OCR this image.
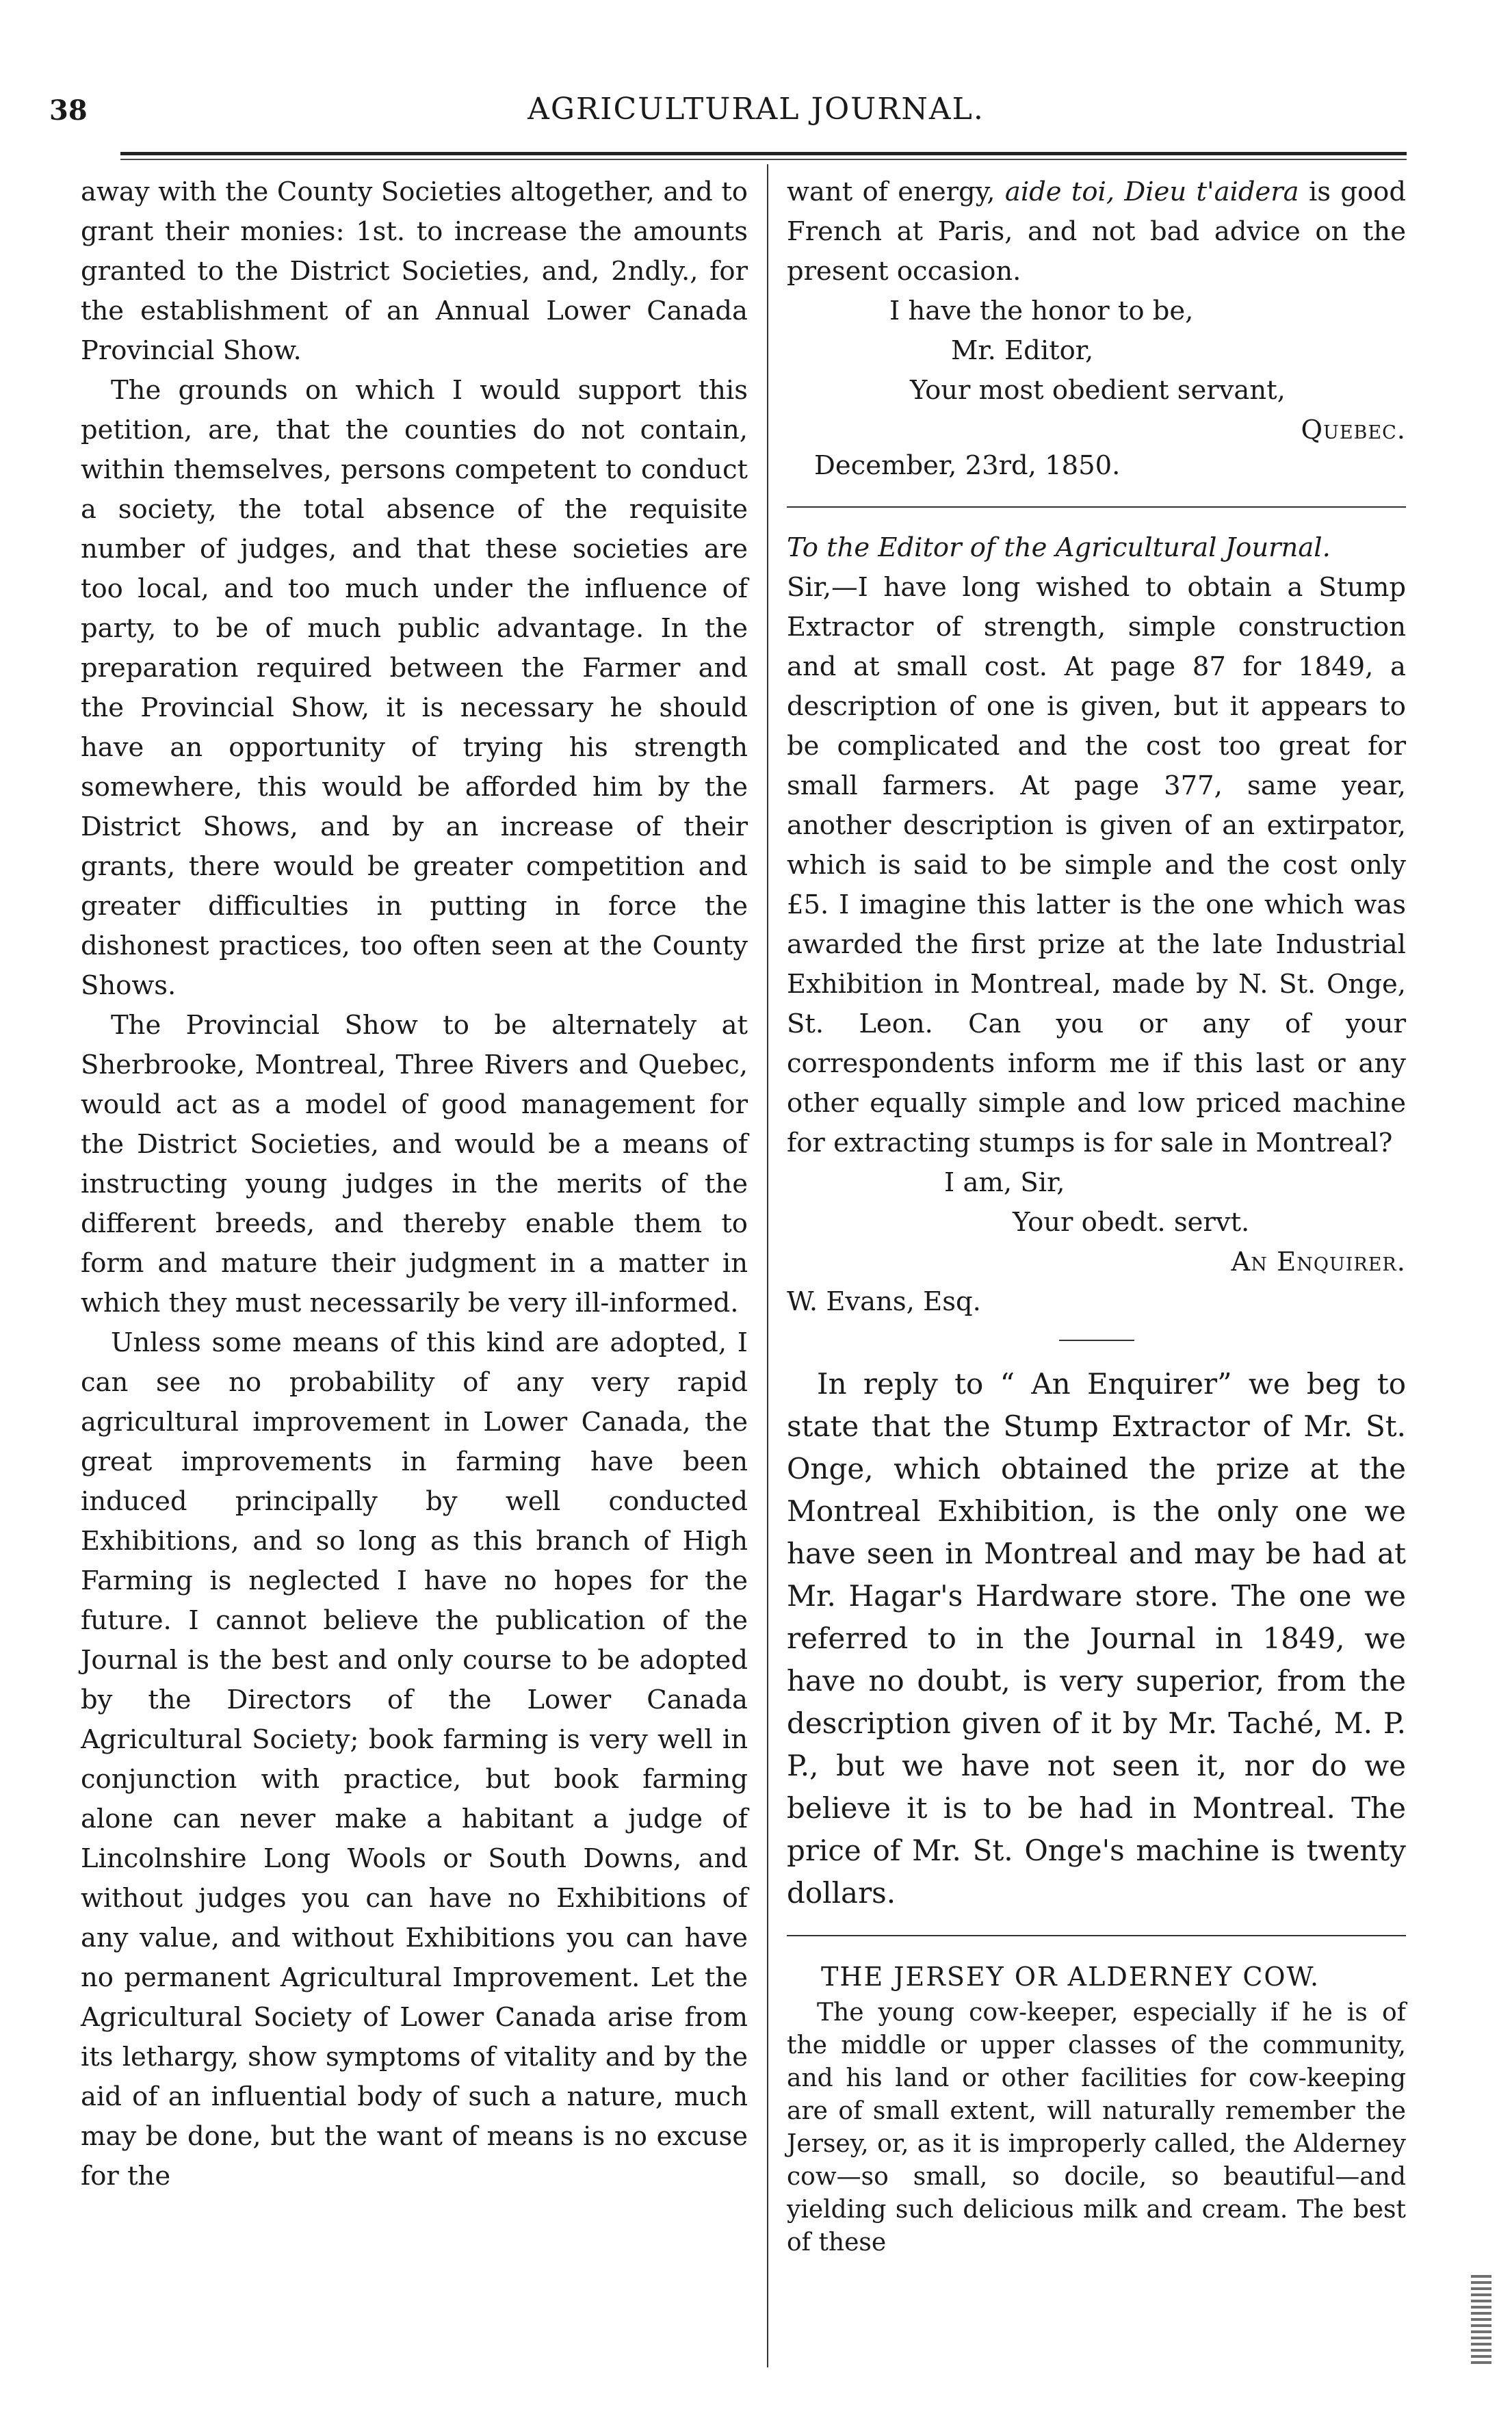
38	AGRICULTURAL JOURNAL.

away with the County Societies altogether, and to grant their monies: 1st. to increase the amounts granted to the District Societies, and, 2ndly., for the establishment of an Annual Lower Canada Provincial Show.

The grounds on which I would support this petition, are, that the counties do not contain, within themselves, persons competent to conduct a society, the total absence of the requisite number of judges, and that these societies are too local, and too much under the influence of party, to be of much public advantage. In the preparation required between the Farmer and the Provincial Show, it is necessary he should have an opportunity of trying his strength somewhere, this would be afforded him by the District Shows, and by an increase of their grants, there would be greater competition and greater difficulties in putting in force the dishonest practices, too often seen at the County Shows.

The Provincial Show to be alternately at Sherbrooke, Montreal, Three Rivers and Quebec, would act as a model of good management for the District Societies, and would be a means of instructing young judges in the merits of the different breeds, and thereby enable them to form and mature their judgment in a matter in which they must necessarily be very ill-informed.

Unless some means of this kind are adopted, I can see no probability of any very rapid agricultural improvement in Lower Canada, the great improvements in farming have been induced principally by well conducted Exhibitions, and so long as this branch of High Farming is neglected I have no hopes for the future. I cannot believe the publication of the Journal is the best and only course to be adopted by the Directors of the Lower Canada Agricultural Society; book farming is very well in conjunction with practice, but book farming alone can never make a habitant a judge of Lincolnshire Long Wools or South Downs, and without judges you can have no Exhibitions of any value, and without Exhibitions you can have no permanent Agricultural Improvement. Let the Agricultural Society of Lower Canada arise from its lethargy, show symptoms of vitality and by the aid of an influential body of such a nature, much may be done, but the want of means is no excuse for the

want of energy, aide toi, Dieu t'aidera is good French at Paris, and not bad advice on the present occasion.

I have the honor to be,
Mr. Editor,
Your most obedient servant,
Quebec.
December, 23rd, 1850.

To the Editor of the Agricultural Journal.

Sir,—I have long wished to obtain a Stump Extractor of strength, simple construction and at small cost. At page 87 for 1849, a description of one is given, but it appears to be complicated and the cost too great for small farmers. At page 377, same year, another description is given of an extirpator, which is said to be simple and the cost only £5. I imagine this latter is the one which was awarded the first prize at the late Industrial Exhibition in Montreal, made by N. St. Onge, St. Leon. Can you or any of your correspondents inform me if this last or any other equally simple and low priced machine for extracting stumps is for sale in Montreal?

I am, Sir,
Your obedt. servt.
An Enquirer.
W. Evans, Esq.

In reply to “ An Enquirer” we beg to state that the Stump Extractor of Mr. St. Onge, which obtained the prize at the Montreal Exhibition, is the only one we have seen in Montreal and may be had at Mr. Hagar's Hardware store. The one we referred to in the Journal in 1849, we have no doubt, is very superior, from the description given of it by Mr. Taché, M. P. P., but we have not seen it, nor do we believe it is to be had in Montreal. The price of Mr. St. Onge's machine is twenty dollars.

THE JERSEY OR ALDERNEY COW.

The young cow-keeper, especially if he is of the middle or upper classes of the community, and his land or other facilities for cow-keeping are of small extent, will naturally remember the Jersey, or, as it is improperly called, the Alderney cow—so small, so docile, so beautiful—and yielding such delicious milk and cream. The best of these
